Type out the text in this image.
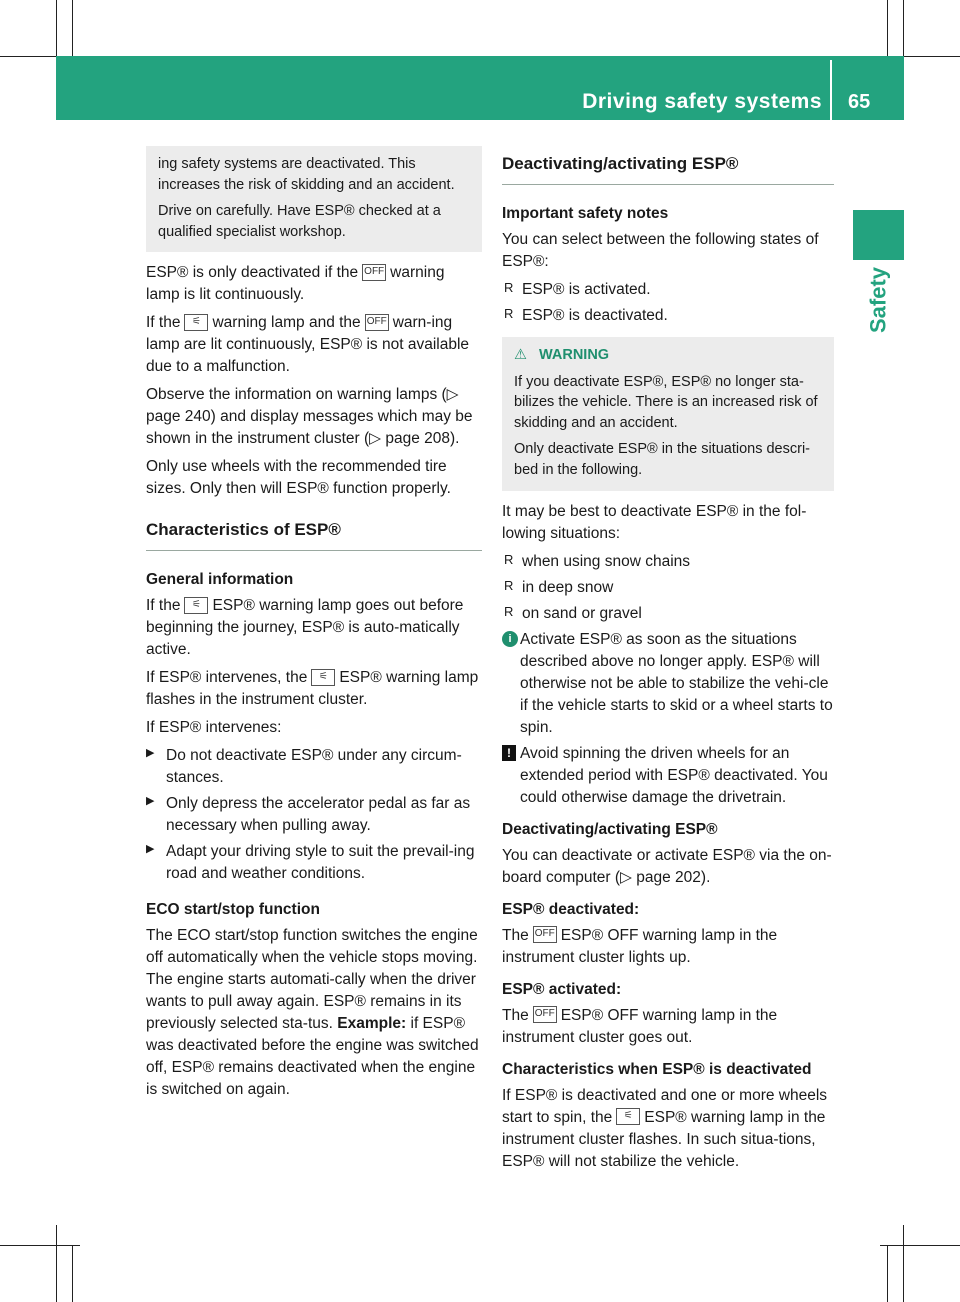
Driving safety systems 65
Safety

ing safety systems are deactivated. This increases the risk of skidding and an accident.

Drive on carefully. Have ESP® checked at a qualified specialist workshop.

ESP® is only deactivated if the OFF warning lamp is lit continuously.

If the ⚟ warning lamp and the OFF warn-ing lamp are lit continuously, ESP® is not available due to a malfunction.

Observe the information on warning lamps (▷ page 240) and display messages which may be shown in the instrument cluster (▷ page 208).

Only use wheels with the recommended tire sizes. Only then will ESP® function properly.

Characteristics of ESP®
General information

If the ⚟ ESP® warning lamp goes out before beginning the journey, ESP® is auto-matically active.

If ESP® intervenes, the ⚟ ESP® warning lamp flashes in the instrument cluster.

If ESP® intervenes:

▶ Do not deactivate ESP® under any circum-stances.

▶ Only depress the accelerator pedal as far as necessary when pulling away.

▶ Adapt your driving style to suit the prevail-ing road and weather conditions.

ECO start/stop function

The ECO start/stop function switches the engine off automatically when the vehicle stops moving. The engine starts automati-cally when the driver wants to pull away again. ESP® remains in its previously selected sta-tus. Example: if ESP® was deactivated before the engine was switched off, ESP® remains deactivated when the engine is switched on again.

Deactivating/activating ESP®
Important safety notes

You can select between the following states of ESP®:

R ESP® is activated.

R ESP® is deactivated.

⚠ WARNING

If you deactivate ESP®, ESP® no longer sta-bilizes the vehicle. There is an increased risk of skidding and an accident.

Only deactivate ESP® in the situations descri-bed in the following.

It may be best to deactivate ESP® in the fol-lowing situations:

R when using snow chains

R in deep snow

R on sand or gravel

i Activate ESP® as soon as the situations described above no longer apply. ESP® will otherwise not be able to stabilize the vehi-cle if the vehicle starts to skid or a wheel starts to spin.

! Avoid spinning the driven wheels for an extended period with ESP® deactivated. You could otherwise damage the drivetrain.

Deactivating/activating ESP®

You can deactivate or activate ESP® via the on-board computer (▷ page 202).

ESP® deactivated:

The OFF ESP® OFF warning lamp in the instrument cluster lights up.

ESP® activated:

The OFF ESP® OFF warning lamp in the instrument cluster goes out.

Characteristics when ESP® is deactivated

If ESP® is deactivated and one or more wheels start to spin, the ⚟ ESP® warning lamp in the instrument cluster flashes. In such situa-tions, ESP® will not stabilize the vehicle.
